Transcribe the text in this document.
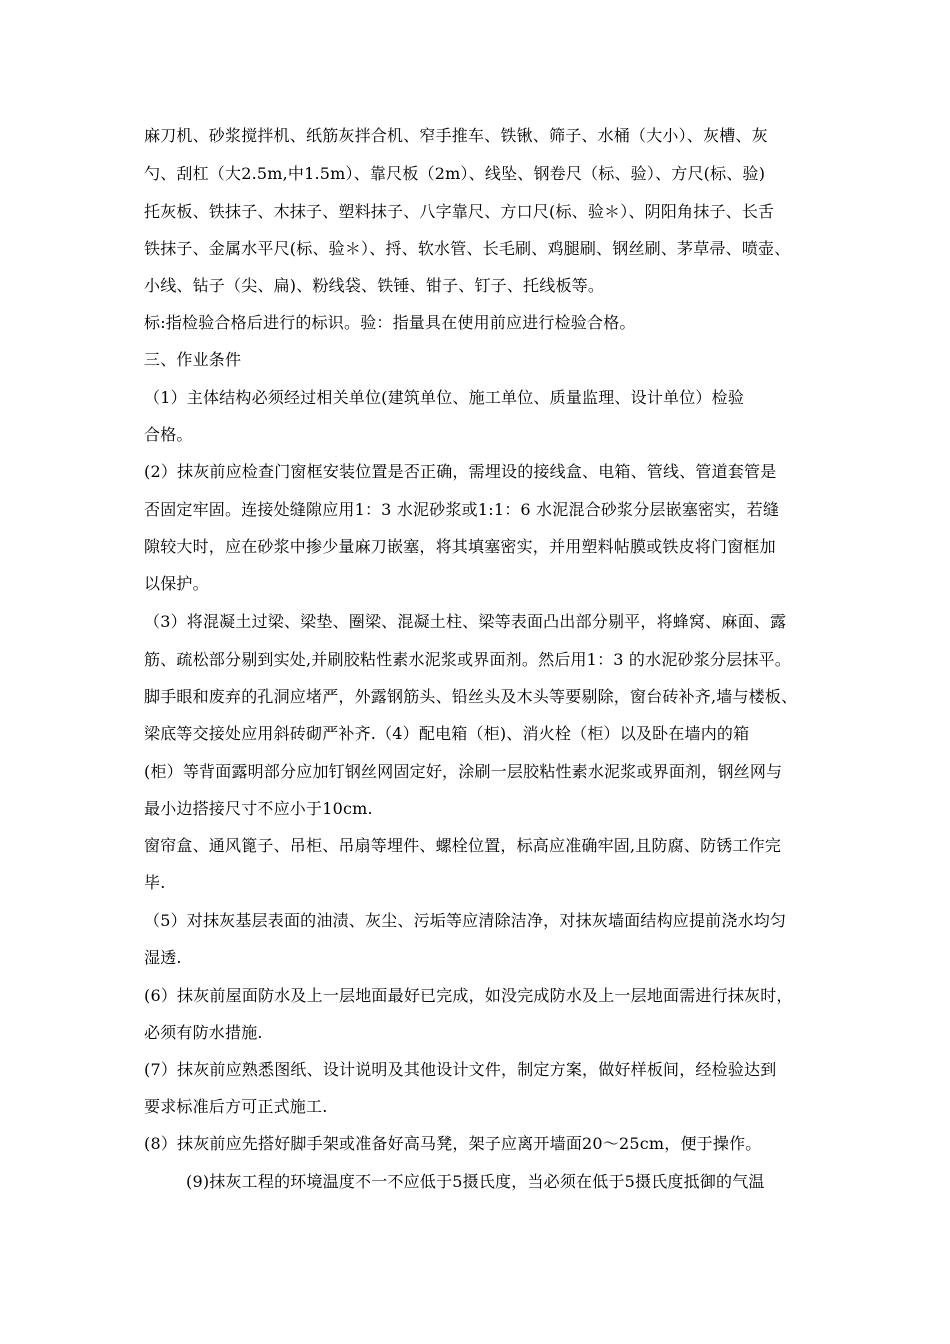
麻刀机、砂浆搅拌机、纸筋灰拌合机、窄手推车、铁锹、筛子、水桶（大小）、灰槽、灰
勺、刮杠（大2.5m,中1.5m）、靠尺板（2m）、线坠、钢卷尺（标、验）、方尺(标、验)
托灰板、铁抹子、木抹子、塑料抹子、八字靠尺、方口尺(标、验＊）、阴阳角抹子、长舌
铁抹子、金属水平尺(标、验＊）、捋、软水管、长毛刷、鸡腿刷、钢丝刷、茅草帚、喷壶、
小线、钻子（尖、扁)、粉线袋、铁锤、钳子、钉子、托线板等。
标:指检验合格后进行的标识。验：指量具在使用前应进行检验合格。
三、作业条件
（1）主体结构必须经过相关单位(建筑单位、施工单位、质量监理、设计单位）检验
合格。
(2）抹灰前应检查门窗框安装位置是否正确，需埋设的接线盒、电箱、管线、管道套管是
否固定牢固。连接处缝隙应用1：3 水泥砂浆或1:1：6 水泥混合砂浆分层嵌塞密实，若缝
隙较大时，应在砂浆中掺少量麻刀嵌塞，将其填塞密实，并用塑料帖膜或铁皮将门窗框加
以保护。
（3）将混凝土过梁、梁垫、圈梁、混凝土柱、梁等表面凸出部分剔平，将蜂窝、麻面、露
筋、疏松部分剔到实处,并刷胶粘性素水泥浆或界面剂。然后用1：3 的水泥砂浆分层抹平。
脚手眼和废弃的孔洞应堵严，外露钢筋头、铅丝头及木头等要剔除，窗台砖补齐,墙与楼板、
梁底等交接处应用斜砖砌严补齐.（4）配电箱（柜)、消火栓（柜）以及卧在墙内的箱
(柜）等背面露明部分应加钉钢丝网固定好，涂刷一层胶粘性素水泥浆或界面剂，钢丝网与
最小边搭接尺寸不应小于10cm.
窗帘盒、通风篦子、吊柜、吊扇等埋件、螺栓位置，标高应准确牢固,且防腐、防锈工作完
毕.
（5）对抹灰基层表面的油渍、灰尘、污垢等应清除洁净，对抹灰墙面结构应提前浇水均匀
湿透.
(6）抹灰前屋面防水及上一层地面最好已完成，如没完成防水及上一层地面需进行抹灰时，
必须有防水措施.
(7）抹灰前应熟悉图纸、设计说明及其他设计文件，制定方案，做好样板间，经检验达到
要求标准后方可正式施工.
(8）抹灰前应先搭好脚手架或准备好高马凳，架子应离开墙面20～25cm，便于操作。
(9)抹灰工程的环境温度不一不应低于5摄氏度，当必须在低于5摄氏度抵御的气温
